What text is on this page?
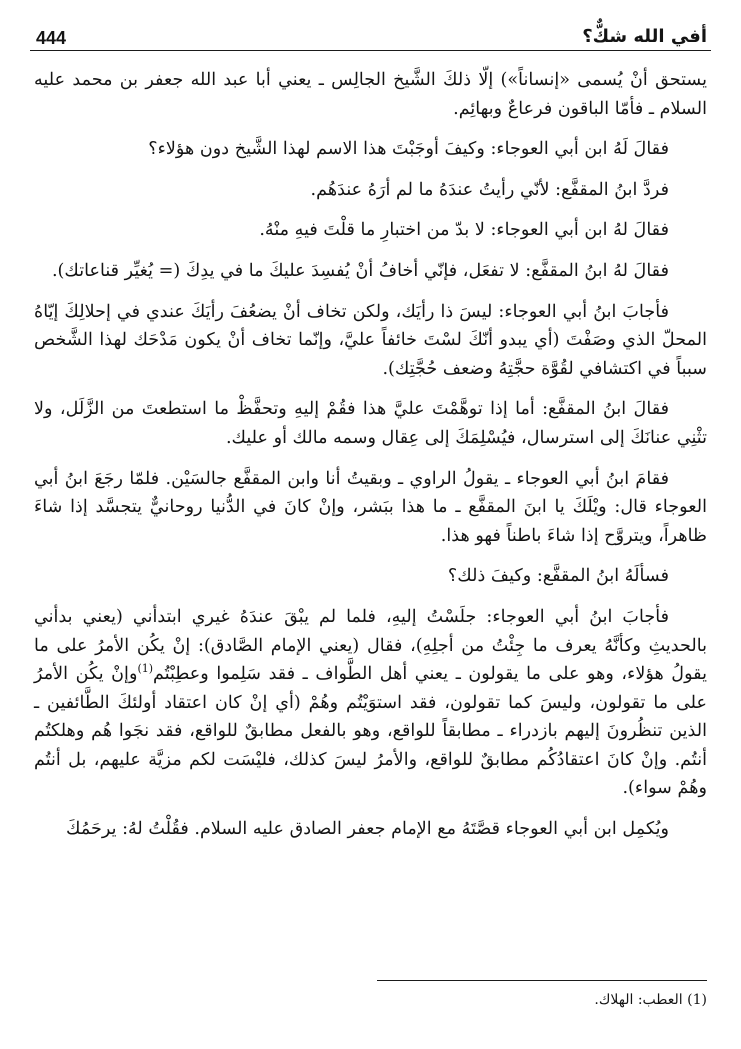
444	أفي الله شكٌّ؟

يستحق أنْ يُسمى «إنساناً») إلّا ذلكَ الشَّيخ الجالِس ـ يعني أبا عبد الله جعفر بن محمد عليه السلام ـ فأمّا الباقون فرعاعٌ وبهائِم.

فقالَ لَهُ ابن أبي العوجاء: وكيفَ أوجَبْتَ هذا الاسم لهذا الشَّيخ دون هؤلاء؟

فردَّ ابنُ المقفَّع: لأنّي رأيتُ عندَهُ ما لم أرَهُ عندَهُم.

فقالَ لهُ ابن أبي العوجاء: لا بدّ من اختبارِ ما قلْتَ فيهِ منْهُ.

فقالَ لهُ ابنُ المقفَّع: لا تفعَل، فإنّي أخافُ أنْ يُفسِدَ عليكَ ما في يدِكَ (= يُغيِّر قناعاتك).

فأجابَ ابنُ أبي العوجاء: ليسَ ذا رأيَك، ولكن تخاف أنْ يضعُفَ رأيَكَ عندي في إحلالِكَ إيّاهُ المحلّ الذي وصَفْتَ (أي يبدو أنّكَ لسْتَ خائفاً عليَّ، وإنّما تخاف أنْ يكون مَدْحَك لهذا الشَّخص سبباً في اكتشافي لقُوَّة حجَّتِهُ وضعف حُجَّتِك).

فقالَ ابنُ المقفَّع: أما إذا توهَّمْتَ عليَّ هذا فقُمْ إليهِ وتحفَّظْ ما استطعتَ من الزَّلَل، ولا تثْنِي عنانَكَ إلى استرسال، فيُسْلِمَكَ إلى عِقال وسمه مالك أو عليك.

فقامَ ابنُ أبي العوجاء ـ يقولُ الراوي ـ وبقيتُ أنا وابن المقفَّع جالسَيْن. فلمّا رجَعَ ابنُ أبي العوجاء قال: ويْلَكَ يا ابنَ المقفَّع ـ ما هذا ببَشر، وإنْ كانَ في الدُّنيا روحانيٌّ يتجسَّد إذا شاءَ ظاهراً، ويتروَّح إذا شاءَ باطناً فهو هذا.

فسألَهُ ابنُ المقفَّع: وكيفَ ذلك؟

فأجابَ ابنُ أبي العوجاء: جلَسْتُ إليهِ، فلما لم يبْقَ عندَهُ غيري ابتدأني (يعني بدأني بالحديثِ وكأنَّهُ يعرف ما جِئْتُ من أجلِهِ)، فقال (يعني الإمام الصَّادق): إنْ يكُن الأمرُ على ما يقولُ هؤلاء، وهو على ما يقولون ـ يعني أهل الطَّواف ـ فقد سَلِموا وعطِبْتُم$^{(1)}$وإنْ يكُن الأمرُ على ما تقولون، وليسَ كما تقولون، فقد استوَيْتُم وهُمْ (أي إنْ كان اعتقاد أولئكَ الطَّائفين ـ الذين تنظُرونَ إليهم بازدراء ـ مطابقاً للواقع، وهو بالفعل مطابقٌ للواقع، فقد نجَوا هُم وهلكتُم أنتُم. وإنْ كانَ اعتقادُكُم مطابقٌ للواقع، والأمرُ ليسَ كذلك، فليْسَت لكم مزيَّة عليهم، بل أنتُم وهُمْ سواء).

ويُكمِل ابن أبي العوجاء قصَّتَهُ مع الإمام جعفر الصادق عليه السلام. فقُلْتُ لهُ: يرحَمُكَ

(1) العطب: الهلاك.
